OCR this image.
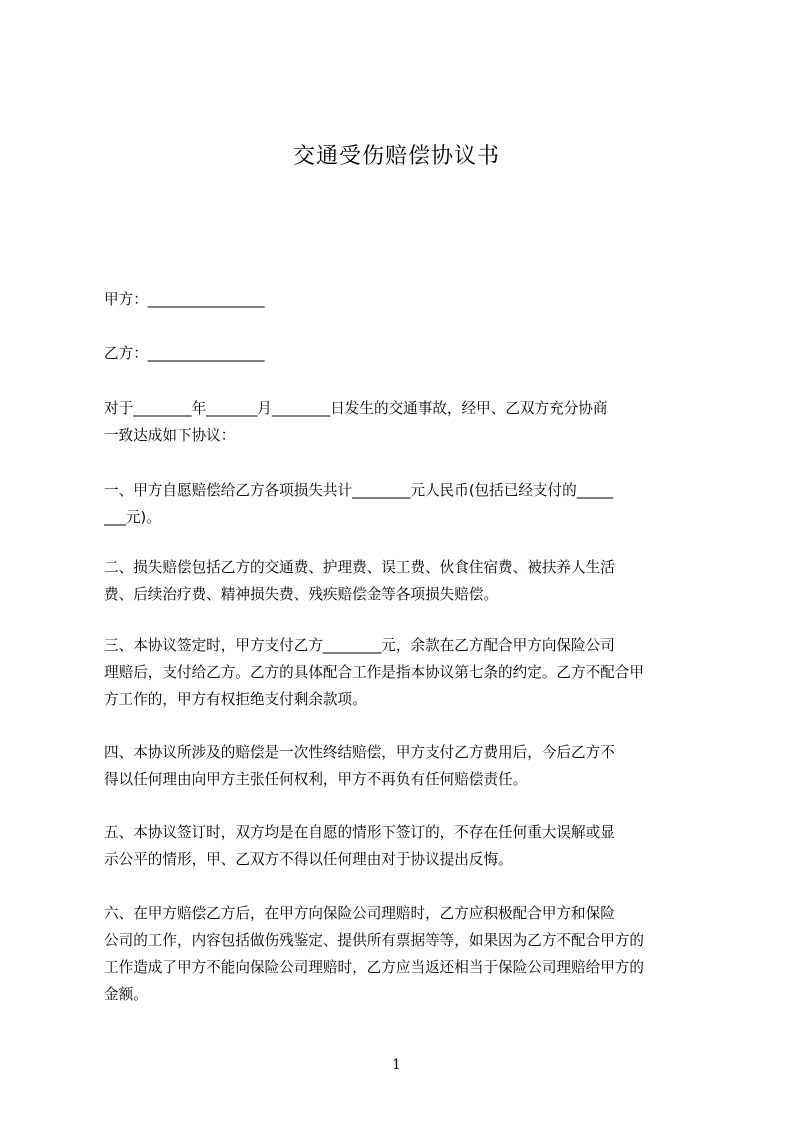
交通受伤赔偿协议书
甲方：________________
乙方：________________
对于________年_______月________日发生的交通事故，经甲、乙双方充分协商
一致达成如下协议：
一、甲方自愿赔偿给乙方各项损失共计________元人民币(包括已经支付的_____
___元)。
二、损失赔偿包括乙方的交通费、护理费、误工费、伙食住宿费、被扶养人生活
费、后续治疗费、精神损失费、残疾赔偿金等各项损失赔偿。
三、本协议签定时，甲方支付乙方________元，余款在乙方配合甲方向保险公司
理赔后，支付给乙方。乙方的具体配合工作是指本协议第七条的约定。乙方不配合甲
方工作的，甲方有权拒绝支付剩余款项。
四、本协议所涉及的赔偿是一次性终结赔偿，甲方支付乙方费用后，今后乙方不
得以任何理由向甲方主张任何权利，甲方不再负有任何赔偿责任。
五、本协议签订时，双方均是在自愿的情形下签订的，不存在任何重大误解或显
示公平的情形，甲、乙双方不得以任何理由对于协议提出反悔。
六、在甲方赔偿乙方后，在甲方向保险公司理赔时，乙方应积极配合甲方和保险
公司的工作，内容包括做伤残鉴定、提供所有票据等等，如果因为乙方不配合甲方的
工作造成了甲方不能向保险公司理赔时，乙方应当返还相当于保险公司理赔给甲方的
金额。
1
